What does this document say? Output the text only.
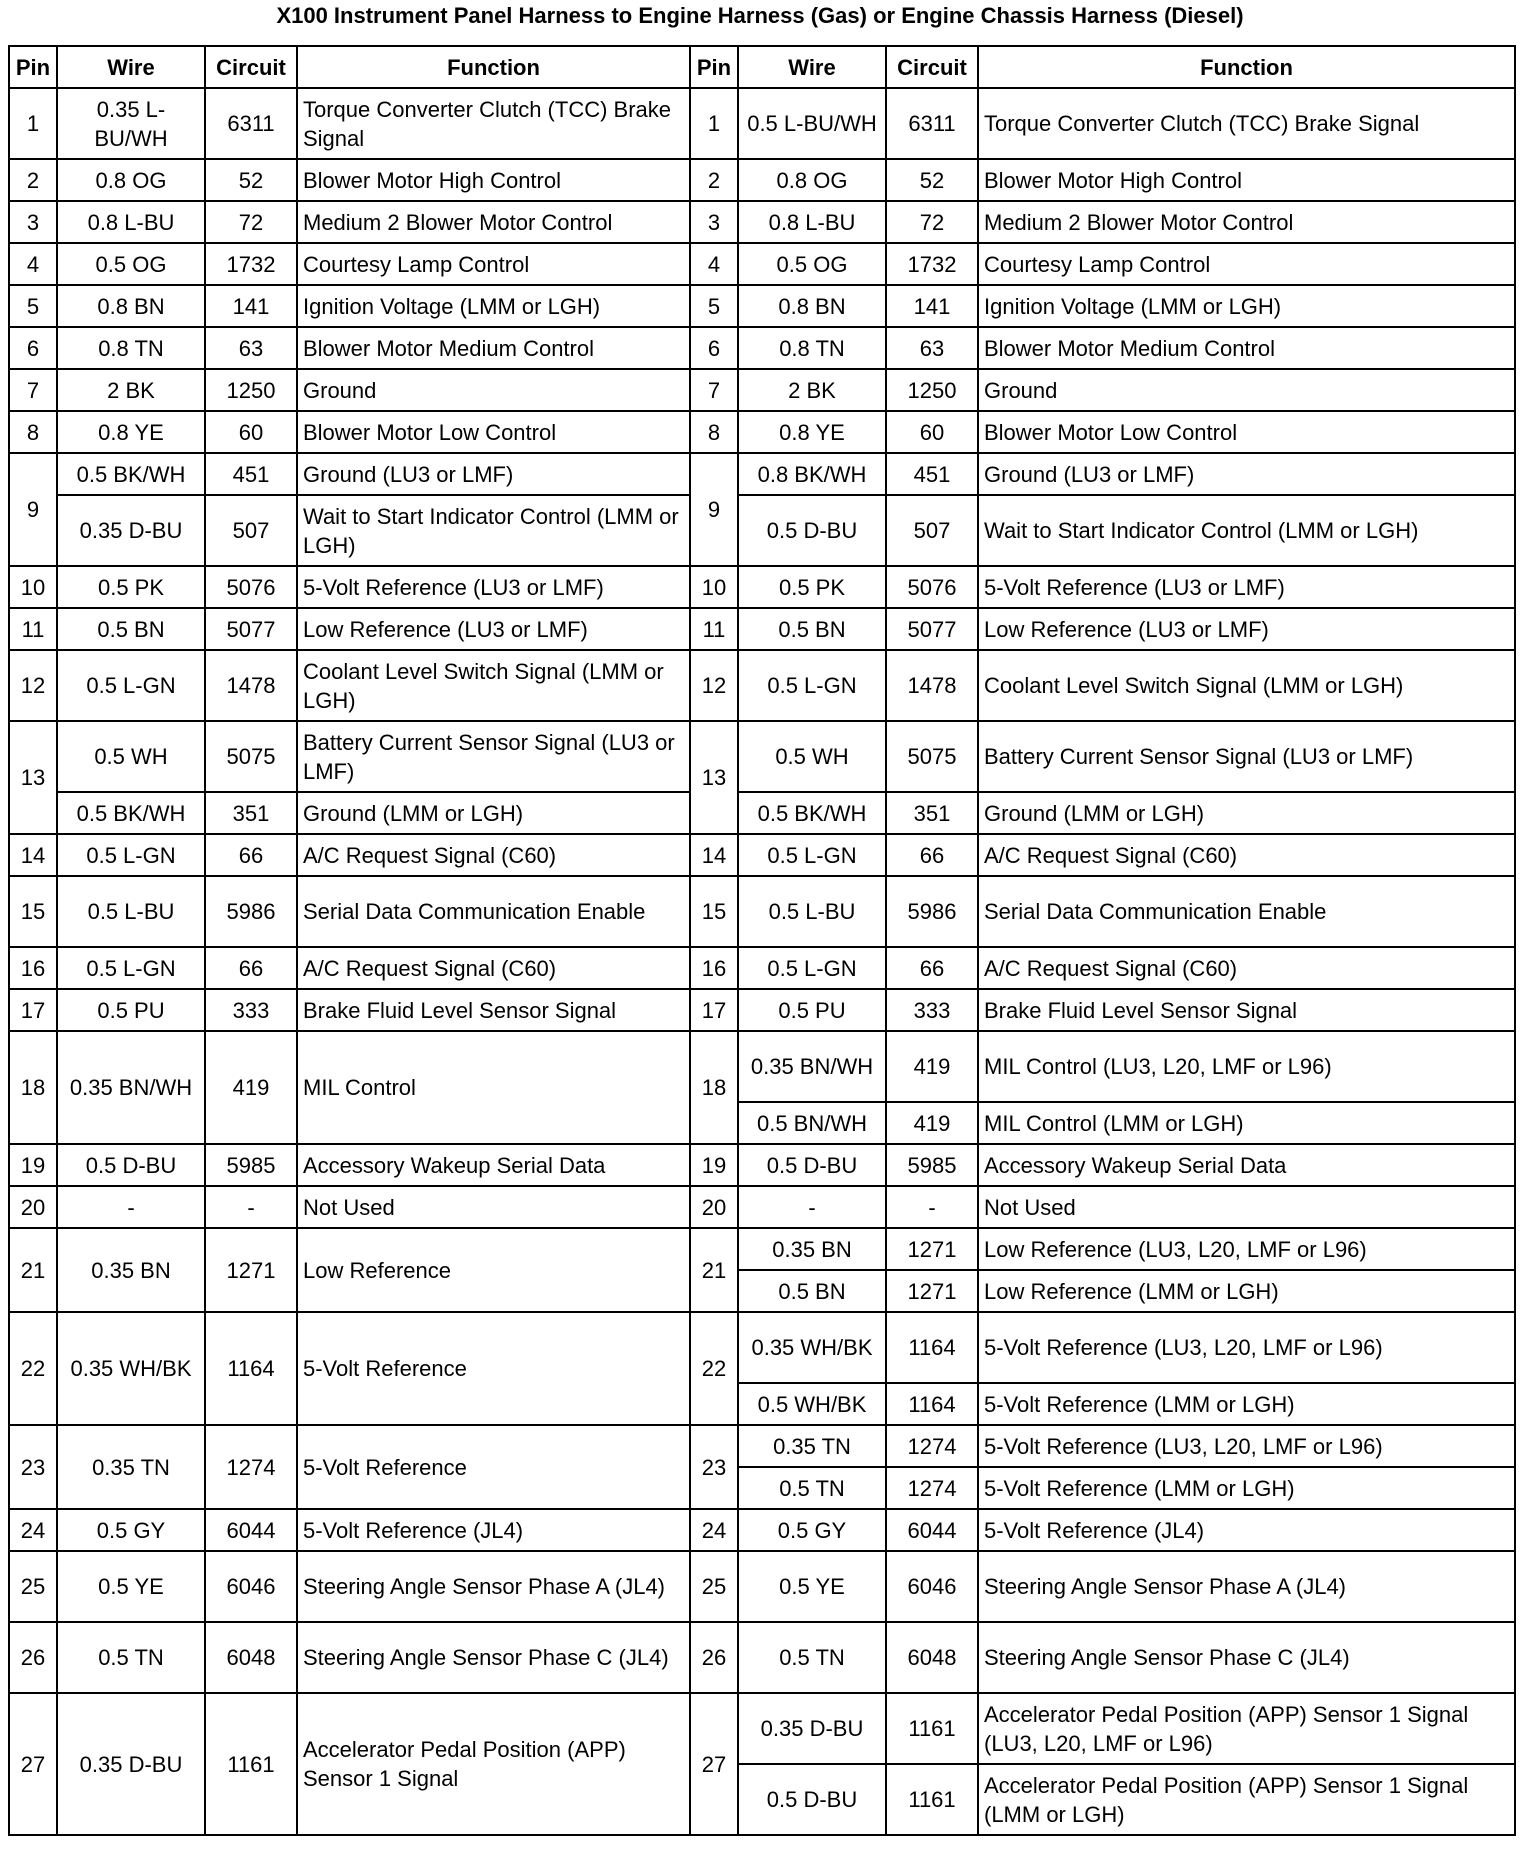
X100 Instrument Panel Harness to Engine Harness (Gas) or Engine Chassis Harness (Diesel)
Pin	Wire	Circuit	Function	Pin	Wire	Circuit	Function
1	0.35 L-BU/WH	6311	Torque Converter Clutch (TCC) Brake Signal	1	0.5 L-BU/WH	6311	Torque Converter Clutch (TCC) Brake Signal
2	0.8 OG	52	Blower Motor High Control	2	0.8 OG	52	Blower Motor High Control
3	0.8 L-BU	72	Medium 2 Blower Motor Control	3	0.8 L-BU	72	Medium 2 Blower Motor Control
4	0.5 OG	1732	Courtesy Lamp Control	4	0.5 OG	1732	Courtesy Lamp Control
5	0.8 BN	141	Ignition Voltage (LMM or LGH)	5	0.8 BN	141	Ignition Voltage (LMM or LGH)
6	0.8 TN	63	Blower Motor Medium Control	6	0.8 TN	63	Blower Motor Medium Control
7	2 BK	1250	Ground	7	2 BK	1250	Ground
8	0.8 YE	60	Blower Motor Low Control	8	0.8 YE	60	Blower Motor Low Control
9	0.5 BK/WH	451	Ground (LU3 or LMF)	9	0.8 BK/WH	451	Ground (LU3 or LMF)
	0.35 D-BU	507	Wait to Start Indicator Control (LMM or LGH)		0.5 D-BU	507	Wait to Start Indicator Control (LMM or LGH)
10	0.5 PK	5076	5-Volt Reference (LU3 or LMF)	10	0.5 PK	5076	5-Volt Reference (LU3 or LMF)
11	0.5 BN	5077	Low Reference (LU3 or LMF)	11	0.5 BN	5077	Low Reference (LU3 or LMF)
12	0.5 L-GN	1478	Coolant Level Switch Signal (LMM or LGH)	12	0.5 L-GN	1478	Coolant Level Switch Signal (LMM or LGH)
13	0.5 WH	5075	Battery Current Sensor Signal (LU3 or LMF)	13	0.5 WH	5075	Battery Current Sensor Signal (LU3 or LMF)
	0.5 BK/WH	351	Ground (LMM or LGH)		0.5 BK/WH	351	Ground (LMM or LGH)
14	0.5 L-GN	66	A/C Request Signal (C60)	14	0.5 L-GN	66	A/C Request Signal (C60)
15	0.5 L-BU	5986	Serial Data Communication Enable	15	0.5 L-BU	5986	Serial Data Communication Enable
16	0.5 L-GN	66	A/C Request Signal (C60)	16	0.5 L-GN	66	A/C Request Signal (C60)
17	0.5 PU	333	Brake Fluid Level Sensor Signal	17	0.5 PU	333	Brake Fluid Level Sensor Signal
18	0.35 BN/WH	419	MIL Control	18	0.35 BN/WH	419	MIL Control (LU3, L20, LMF or L96)
					0.5 BN/WH	419	MIL Control (LMM or LGH)
19	0.5 D-BU	5985	Accessory Wakeup Serial Data	19	0.5 D-BU	5985	Accessory Wakeup Serial Data
20	-	-	Not Used	20	-	-	Not Used
21	0.35 BN	1271	Low Reference	21	0.35 BN	1271	Low Reference (LU3, L20, LMF or L96)
					0.5 BN	1271	Low Reference (LMM or LGH)
22	0.35 WH/BK	1164	5-Volt Reference	22	0.35 WH/BK	1164	5-Volt Reference (LU3, L20, LMF or L96)
					0.5 WH/BK	1164	5-Volt Reference (LMM or LGH)
23	0.35 TN	1274	5-Volt Reference	23	0.35 TN	1274	5-Volt Reference (LU3, L20, LMF or L96)
					0.5 TN	1274	5-Volt Reference (LMM or LGH)
24	0.5 GY	6044	5-Volt Reference (JL4)	24	0.5 GY	6044	5-Volt Reference (JL4)
25	0.5 YE	6046	Steering Angle Sensor Phase A (JL4)	25	0.5 YE	6046	Steering Angle Sensor Phase A (JL4)
26	0.5 TN	6048	Steering Angle Sensor Phase C (JL4)	26	0.5 TN	6048	Steering Angle Sensor Phase C (JL4)
27	0.35 D-BU	1161	Accelerator Pedal Position (APP) Sensor 1 Signal	27	0.35 D-BU	1161	Accelerator Pedal Position (APP) Sensor 1 Signal (LU3, L20, LMF or L96)
					0.5 D-BU	1161	Accelerator Pedal Position (APP) Sensor 1 Signal (LMM or LGH)
